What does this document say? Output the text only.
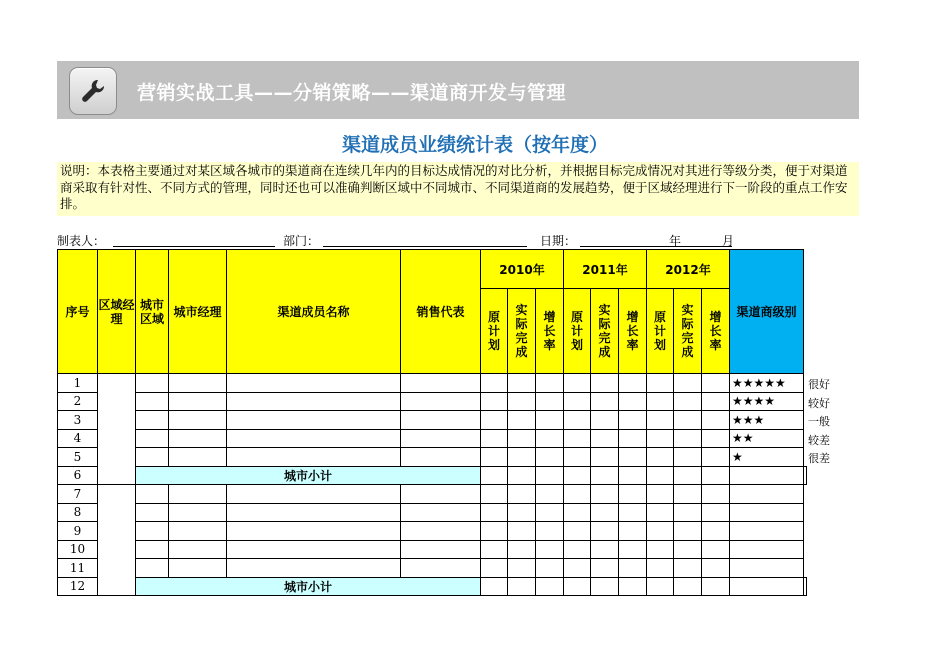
营销实战工具——分销策略——渠道商开发与管理
渠道成员业绩统计表（按年度）
说明：本表格主要通过对某区域各城市的渠道商在连续几年内的目标达成情况的对比分析，并根据目标完成情况对其进行等级分类，便于对渠道商采取有针对性、不同方式的管理，同时还也可以准确判断区域中不同城市、不同渠道商的发展趋势，便于区域经理进行下一阶段的重点工作安排。
制表人：	部门：	日期：	年	月
序号	区域经理	城市区域	城市经理	渠道成员名称	销售代表	2010年			2011年			2012年			渠道商级别	
						原计划	实际完成	增长率	原计划	实际完成	增长率	原计划	实际完成	增长率		
1															★★★★★	
2															★★★★	
3															★★★	
4															★★	
5															★	
6		城市小计														
7																
8																
9																
10																
11																
12		城市小计														
很好
较好
一般
较差
很差
